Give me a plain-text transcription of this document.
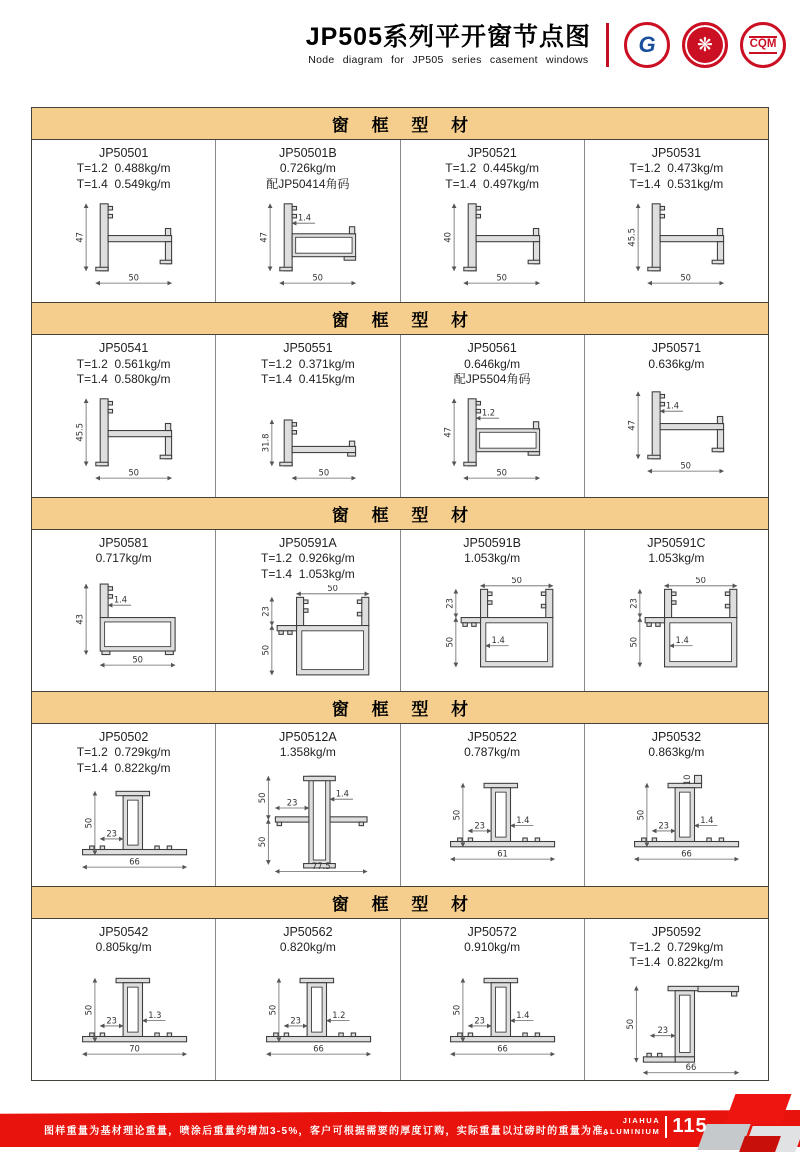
JP505系列平开窗节点图
Node diagram for JP505 series casement windows
G ❋	CQM
窗 框 型 材
JP50501
T=1.2  0.488kg/m
T=1.4  0.549kg/m
47
50
JP50501B
0.726kg/m
配JP50414角码
47
50
1.4
JP50521
T=1.2  0.445kg/m
T=1.4  0.497kg/m
40
50
JP50531
T=1.2  0.473kg/m
T=1.4  0.531kg/m
45.5
50
窗 框 型 材
JP50541
T=1.2  0.561kg/m
T=1.4  0.580kg/m
45.5
50
JP50551
T=1.2  0.371kg/m
T=1.4  0.415kg/m
31.8
50
JP50561
0.646kg/m
配JP5504角码
47
50
1.2
JP50571
0.636kg/m
47
50
1.4
窗 框 型 材
JP50581
0.717kg/m
43
50
1.4
JP50591A
T=1.2  0.926kg/m
T=1.4  1.053kg/m
50
23
50
JP50591B
1.053kg/m
50
23
50	1.4
JP50591C
1.053kg/m
50
23
50	1.4
窗 框 型 材
JP50502
T=1.2  0.729kg/m
T=1.4  0.822kg/m
50
23
66
JP50512A
1.358kg/m
50
50
23
1.4
77.5
JP50522
0.787kg/m
50
23
1.4
61
JP50532
0.863kg/m
10
50
23
1.4
66
窗 框 型 材
JP50542
0.805kg/m
50
23
1.3
70
JP50562
0.820kg/m
50
23
1.2
66
JP50572
0.910kg/m
50
23
1.4
66
JP50592
T=1.2  0.729kg/m
T=1.4  0.822kg/m
50
23
66
图样重量为基材理论重量，喷涂后重量约增加3-5%，客户可根据需要的厚度订购，实际重量以过磅时的重量为准。
JIAHUA
ALUMINIUM 115
